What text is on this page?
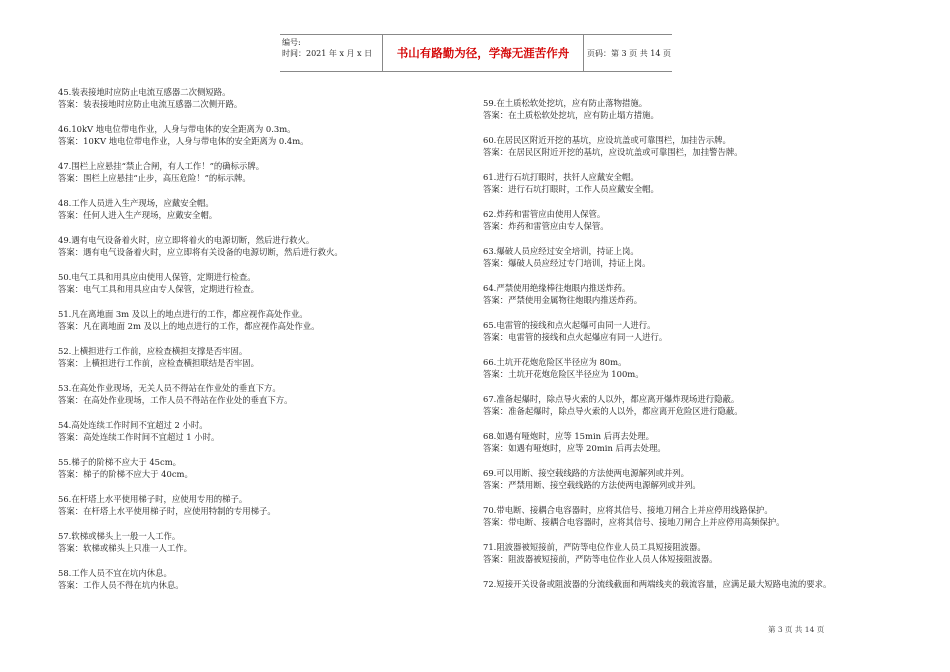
编号:
时间：2021 年 x 月 x 日	书山有路勤为径，学海无涯苦作舟	页码：第 3 页 共 14 页
45.装表接地时应防止电流互感器二次侧短路。
答案：装表接地时应防止电流互感器二次侧开路。
46.10kV 地电位带电作业，人身与带电体的安全距离为 0.3m。
答案：10KV 地电位带电作业，人身与带电体的安全距离为 0.4m。
47.围栏上应悬挂“禁止合闸，有人工作！”的确标示牌。
答案：围栏上应悬挂“止步，高压危险！”的标示牌。
48.工作人员进入生产现场，应戴安全帽。
答案：任何人进入生产现场，应戴安全帽。
49.遇有电气设备着火时，应立即将着火的电源切断，然后进行救火。
答案：遇有电气设备着火时，应立即将有关设备的电源切断，然后进行救火。
50.电气工具和用具应由使用人保管，定期进行检查。
答案：电气工具和用具应由专人保管，定期进行检查。
51.凡在离地面 3m 及以上的地点进行的工作，都应视作高处作业。
答案：凡在离地面 2m 及以上的地点进行的工作，都应视作高处作业。
52.上横担进行工作前，应检查横担支撑是否牢固。
答案：上横担进行工作前，应检查横担联结是否牢固。
53.在高处作业现场，无关人员不得站在作业处的垂直下方。
答案：在高处作业现场，工作人员不得站在作业处的垂直下方。
54.高处连续工作时间不宜超过 2 小时。
答案：高处连续工作时间不宜超过 1 小时。
55.梯子的阶梯不应大于 45cm。
答案：梯子的阶梯不应大于 40cm。
56.在杆塔上水平使用梯子时，应使用专用的梯子。
答案：在杆塔上水平使用梯子时，应使用特制的专用梯子。
57.软梯或梯头上一般一人工作。
答案：软梯或梯头上只准一人工作。
58.工作人员不宜在坑内休息。
答案：工作人员不得在坑内休息。
59.在土质松软处挖坑，应有防止落物措施。
答案：在土质松软处挖坑，应有防止塌方措施。
60.在居民区附近开挖的基坑，应设坑盖或可靠围栏，加挂告示牌。
答案：在居民区附近开挖的基坑，应设坑盖或可靠围栏，加挂警告牌。
61.进行石坑打眼时，扶钎人应戴安全帽。
答案：进行石坑打眼时，工作人员应戴安全帽。
62.炸药和雷管应由使用人保管。
答案：炸药和雷管应由专人保管。
63.爆破人员应经过安全培训，持证上岗。
答案：爆破人员应经过专门培训，持证上岗。
64.严禁使用绝缘棒往炮眼内推送炸药。
答案：严禁使用金属物往炮眼内推送炸药。
65.电雷管的接线和点火起爆可由同一人进行。
答案：电雷管的接线和点火起爆应有同一人进行。
66.土坑开花炮危险区半径应为 80m。
答案：土坑开花炮危险区半径应为 100m。
67.准备起爆时，除点导火索的人以外，都应离开爆炸现场进行隐蔽。
答案：准备起爆时，除点导火索的人以外，都应离开危险区进行隐蔽。
68.如遇有哑炮时，应等 15min 后再去处理。
答案：如遇有哑炮时，应等 20min 后再去处理。
69.可以用断、接空载线路的方法使两电源解列或并列。
答案：严禁用断、接空载线路的方法使两电源解列或并列。
70.带电断、接耦合电容器时，应将其信号、接地刀闸合上并应停用线路保护。
答案：带电断、接耦合电容器时，应将其信号、接地刀闸合上并应停用高频保护。
71.阻波器被短接前，严防等电位作业人员工具短接阻波器。
答案：阻波器被短接前，严防等电位作业人员人体短接阻波器。
72.短接开关设备或阻波器的分流线截面和两端线夹的载流容量，应满足最大短路电流的要求。
第 3 页 共 14 页
